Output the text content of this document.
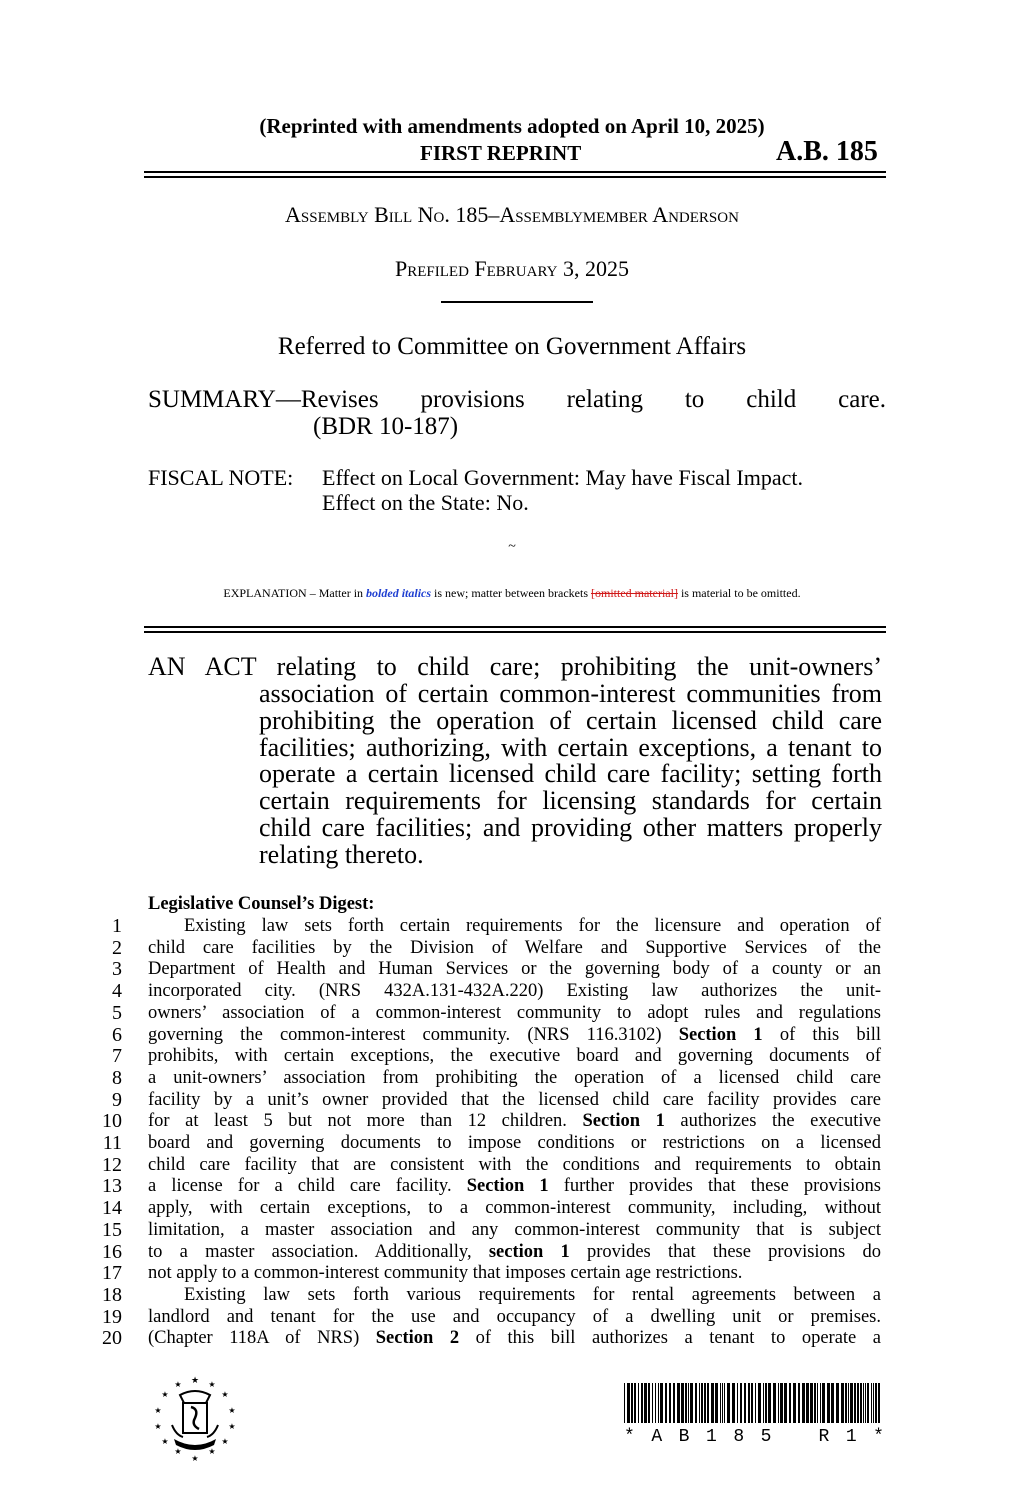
(Reprinted with amendments adopted on April 10, 2025)
FIRST REPRINT	A.B. 185
Assembly Bill No. 185–Assemblymember Anderson
Prefiled February 3, 2025
Referred to Committee on Government Affairs
SUMMARY—Revises provisions relating to child care.
(BDR 10-187)
FISCAL NOTE: Effect on Local Government: May have Fiscal Impact.
Effect on the State: No.
~
EXPLANATION – Matter in bolded italics is new; matter between brackets [omitted material] is material to be omitted.
AN ACT relating to child care; prohibiting the unit-owners’
association of certain common-interest communities from prohibiting the operation of certain licensed child care facilities; authorizing, with certain exceptions, a tenant to operate a certain licensed child care facility; setting forth certain requirements for licensing standards for certain child care facilities; and providing other matters properly relating thereto.
Legislative Counsel’s Digest:
1	Existing law sets forth certain requirements for the licensure and operation of
2 child care facilities by the Division of Welfare and Supportive Services of the
3 Department of Health and Human Services or the governing body of a county or an
4 incorporated city. (NRS 432A.131-432A.220) Existing law authorizes the unit-
5 owners’ association of a common-interest community to adopt rules and regulations
6 governing the common-interest community. (NRS 116.3102) Section 1 of this bill
7 prohibits, with certain exceptions, the executive board and governing documents of
8 a unit-owners’ association from prohibiting the operation of a licensed child care
9 facility by a unit’s owner provided that the licensed child care facility provides care
10 for at least 5 but not more than 12 children. Section 1 authorizes the executive
11 board and governing documents to impose conditions or restrictions on a licensed
12 child care facility that are consistent with the conditions and requirements to obtain
13 a license for a child care facility. Section 1 further provides that these provisions
14 apply, with certain exceptions, to a common-interest community, including, without
15 limitation, a master association and any common-interest community that is subject
16 to a master association. Additionally, section 1 provides that these provisions do
17 not apply to a common-interest community that imposes certain age restrictions.
18	Existing law sets forth various requirements for rental agreements between a
19 landlord and tenant for the use and occupancy of a dwelling unit or premises.
20 (Chapter 118A of NRS) Section 2 of this bill authorizes a tenant to operate a
★
★	★
★	★
★	★
★	★
★	★
★	★
★
* A B 1 8 5	R 1 *
